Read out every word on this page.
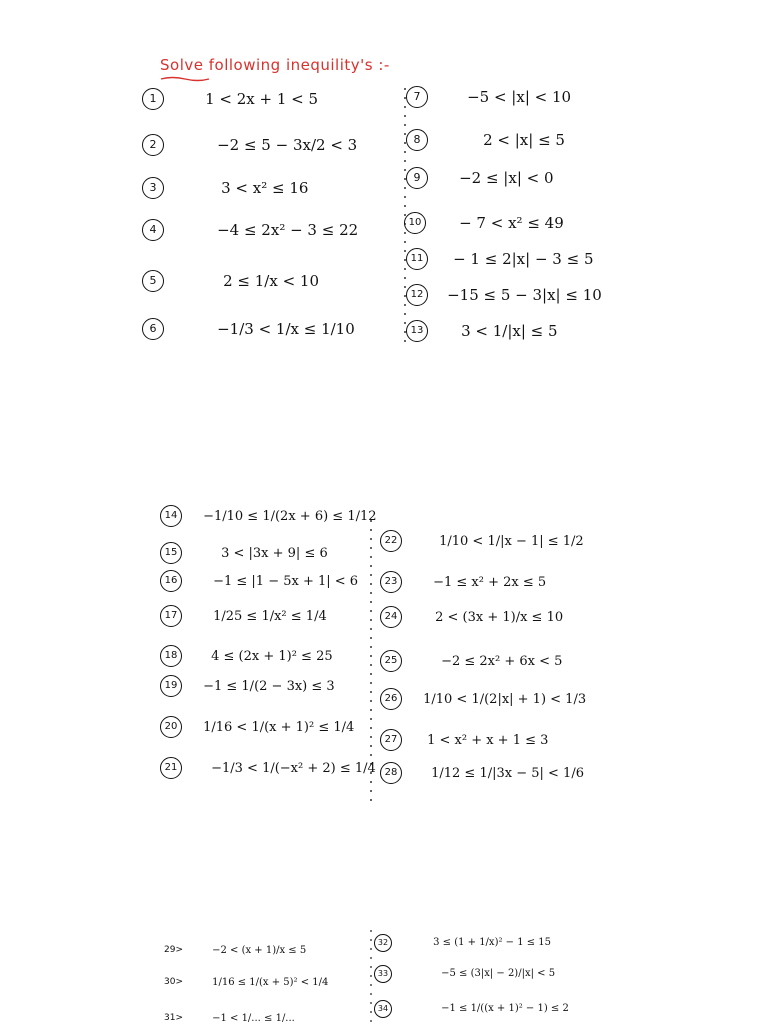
Solve following inequility's :-
1	1 < 2x + 1 < 5
2	−2 ≤ 5 − 3x/2 < 3
3	3 < x² ≤ 16
4	−4 ≤ 2x² − 3 ≤ 22
5	2 ≤ 1/x < 10
6	−1/3 < 1/x ≤ 1/10
7	−5 < |x| < 10
8	2 < |x| ≤ 5
9	−2 ≤ |x| < 0
10	− 7 < x² ≤ 49
11 − 1 ≤ 2|x| − 3 ≤ 5
12 −15 ≤ 5 − 3|x| ≤ 10
13	3 < 1/|x| ≤ 5
14 −1/10 ≤ 1/(2x + 6) ≤ 1/12
15	3 < |3x + 9| ≤ 6
16	−1 ≤ |1 − 5x + 1| < 6
17	1/25 ≤ 1/x² ≤ 1/4
18	4 ≤ (2x + 1)² ≤ 25
19 −1 ≤ 1/(2 − 3x) ≤ 3
20 1/16 < 1/(x + 1)² ≤ 1/4
21	−1/3 < 1/(−x² + 2) ≤ 1/4
22	1/10 < 1/|x − 1| ≤ 1/2
23	−1 ≤ x² + 2x ≤ 5
24	2 < (3x + 1)/x ≤ 10
25	−2 ≤ 2x² + 6x < 5
26 1/10 < 1/(2|x| + 1) < 1/3
27 1 < x² + x + 1 ≤ 3
28	1/12 ≤ 1/|3x − 5| < 1/6
29>	−2 < (x + 1)/x ≤ 5
30>	1/16 ≤ 1/(x + 5)² < 1/4
31>	−1 < 1/... ≤ 1/...
32	3 ≤ (1 + 1/x)² − 1 ≤ 15
33	−5 ≤ (3|x| − 2)/|x| < 5
34	−1 ≤ 1/((x + 1)² − 1) ≤ 2
